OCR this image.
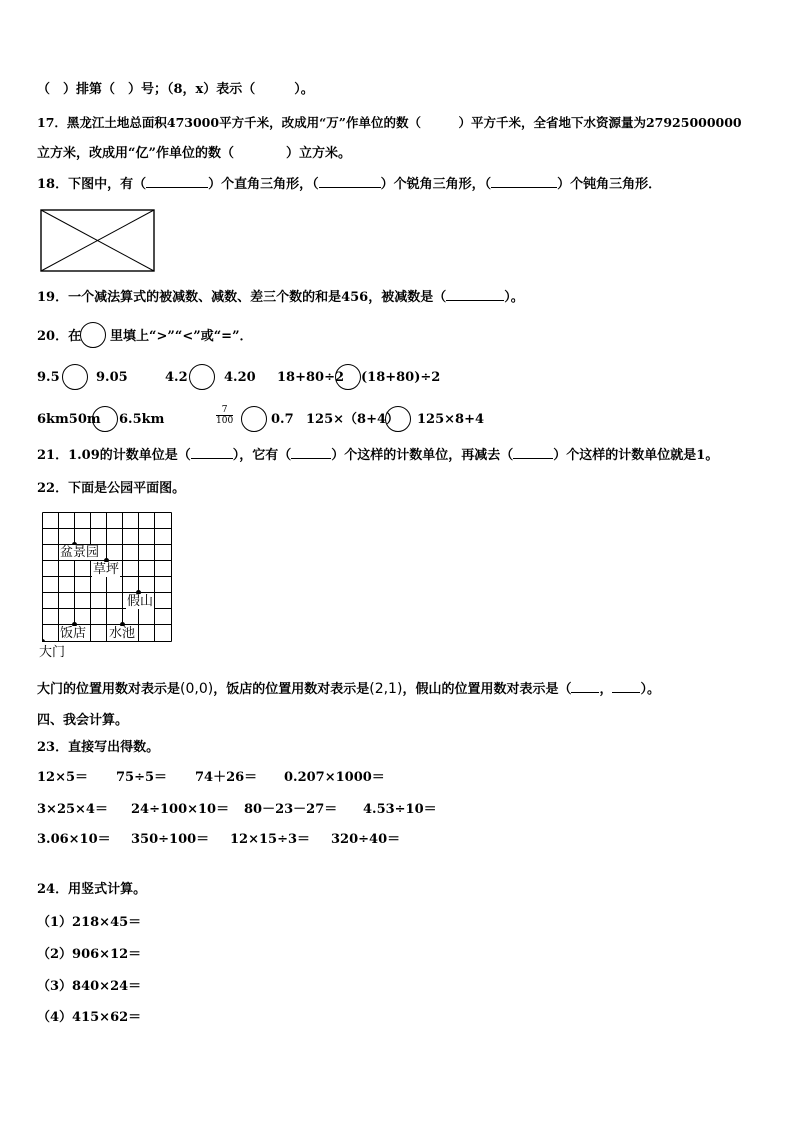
（　）排第（　）号；（8，x）表示（　　　）。
17．黑龙江土地总面积473000平方千米，改成用“万”作单位的数（　　　）平方千米，全省地下水资源量为27925000000
立方米，改成用“亿”作单位的数（　　　　）立方米。
18．下图中，有（	）个直角三角形，（	）个锐角三角形，（	）个钝角三角形．
19．一个减法算式的被减数、减数、差三个数的和是456，被减数是（	）。
20．在 里填上“>”“<”或“=”．
9.5	9.05	4.2	4.20 18+80÷2 (18+80)÷2
6km50m 6.5km	$\frac{7}{100}$	0.7 125×（8+4） 125×8+4
21．1.09的计数单位是（	），它有（	）个这样的计数单位，再减去（	）个这样的计数单位就是1。
22．下面是公园平面图。
盆景园
草坪
假山
饭店 水池
大门
大门的位置用数对表示是(0,0)，饭店的位置用数对表示是(2,1)，假山的位置用数对表示是（ ， ）。
四、我会计算。
23．直接写出得数。
12×5＝ 75÷5＝ 74＋26＝ 0.207×1000＝
3×25×4＝ 24÷100×10＝ 80－23－27＝ 4.53÷10＝
3.06×10＝ 350÷100＝ 12×15÷3＝ 320÷40＝
24．用竖式计算。
（1）218×45＝
（2）906×12＝
（3）840×24＝
（4）415×62＝
